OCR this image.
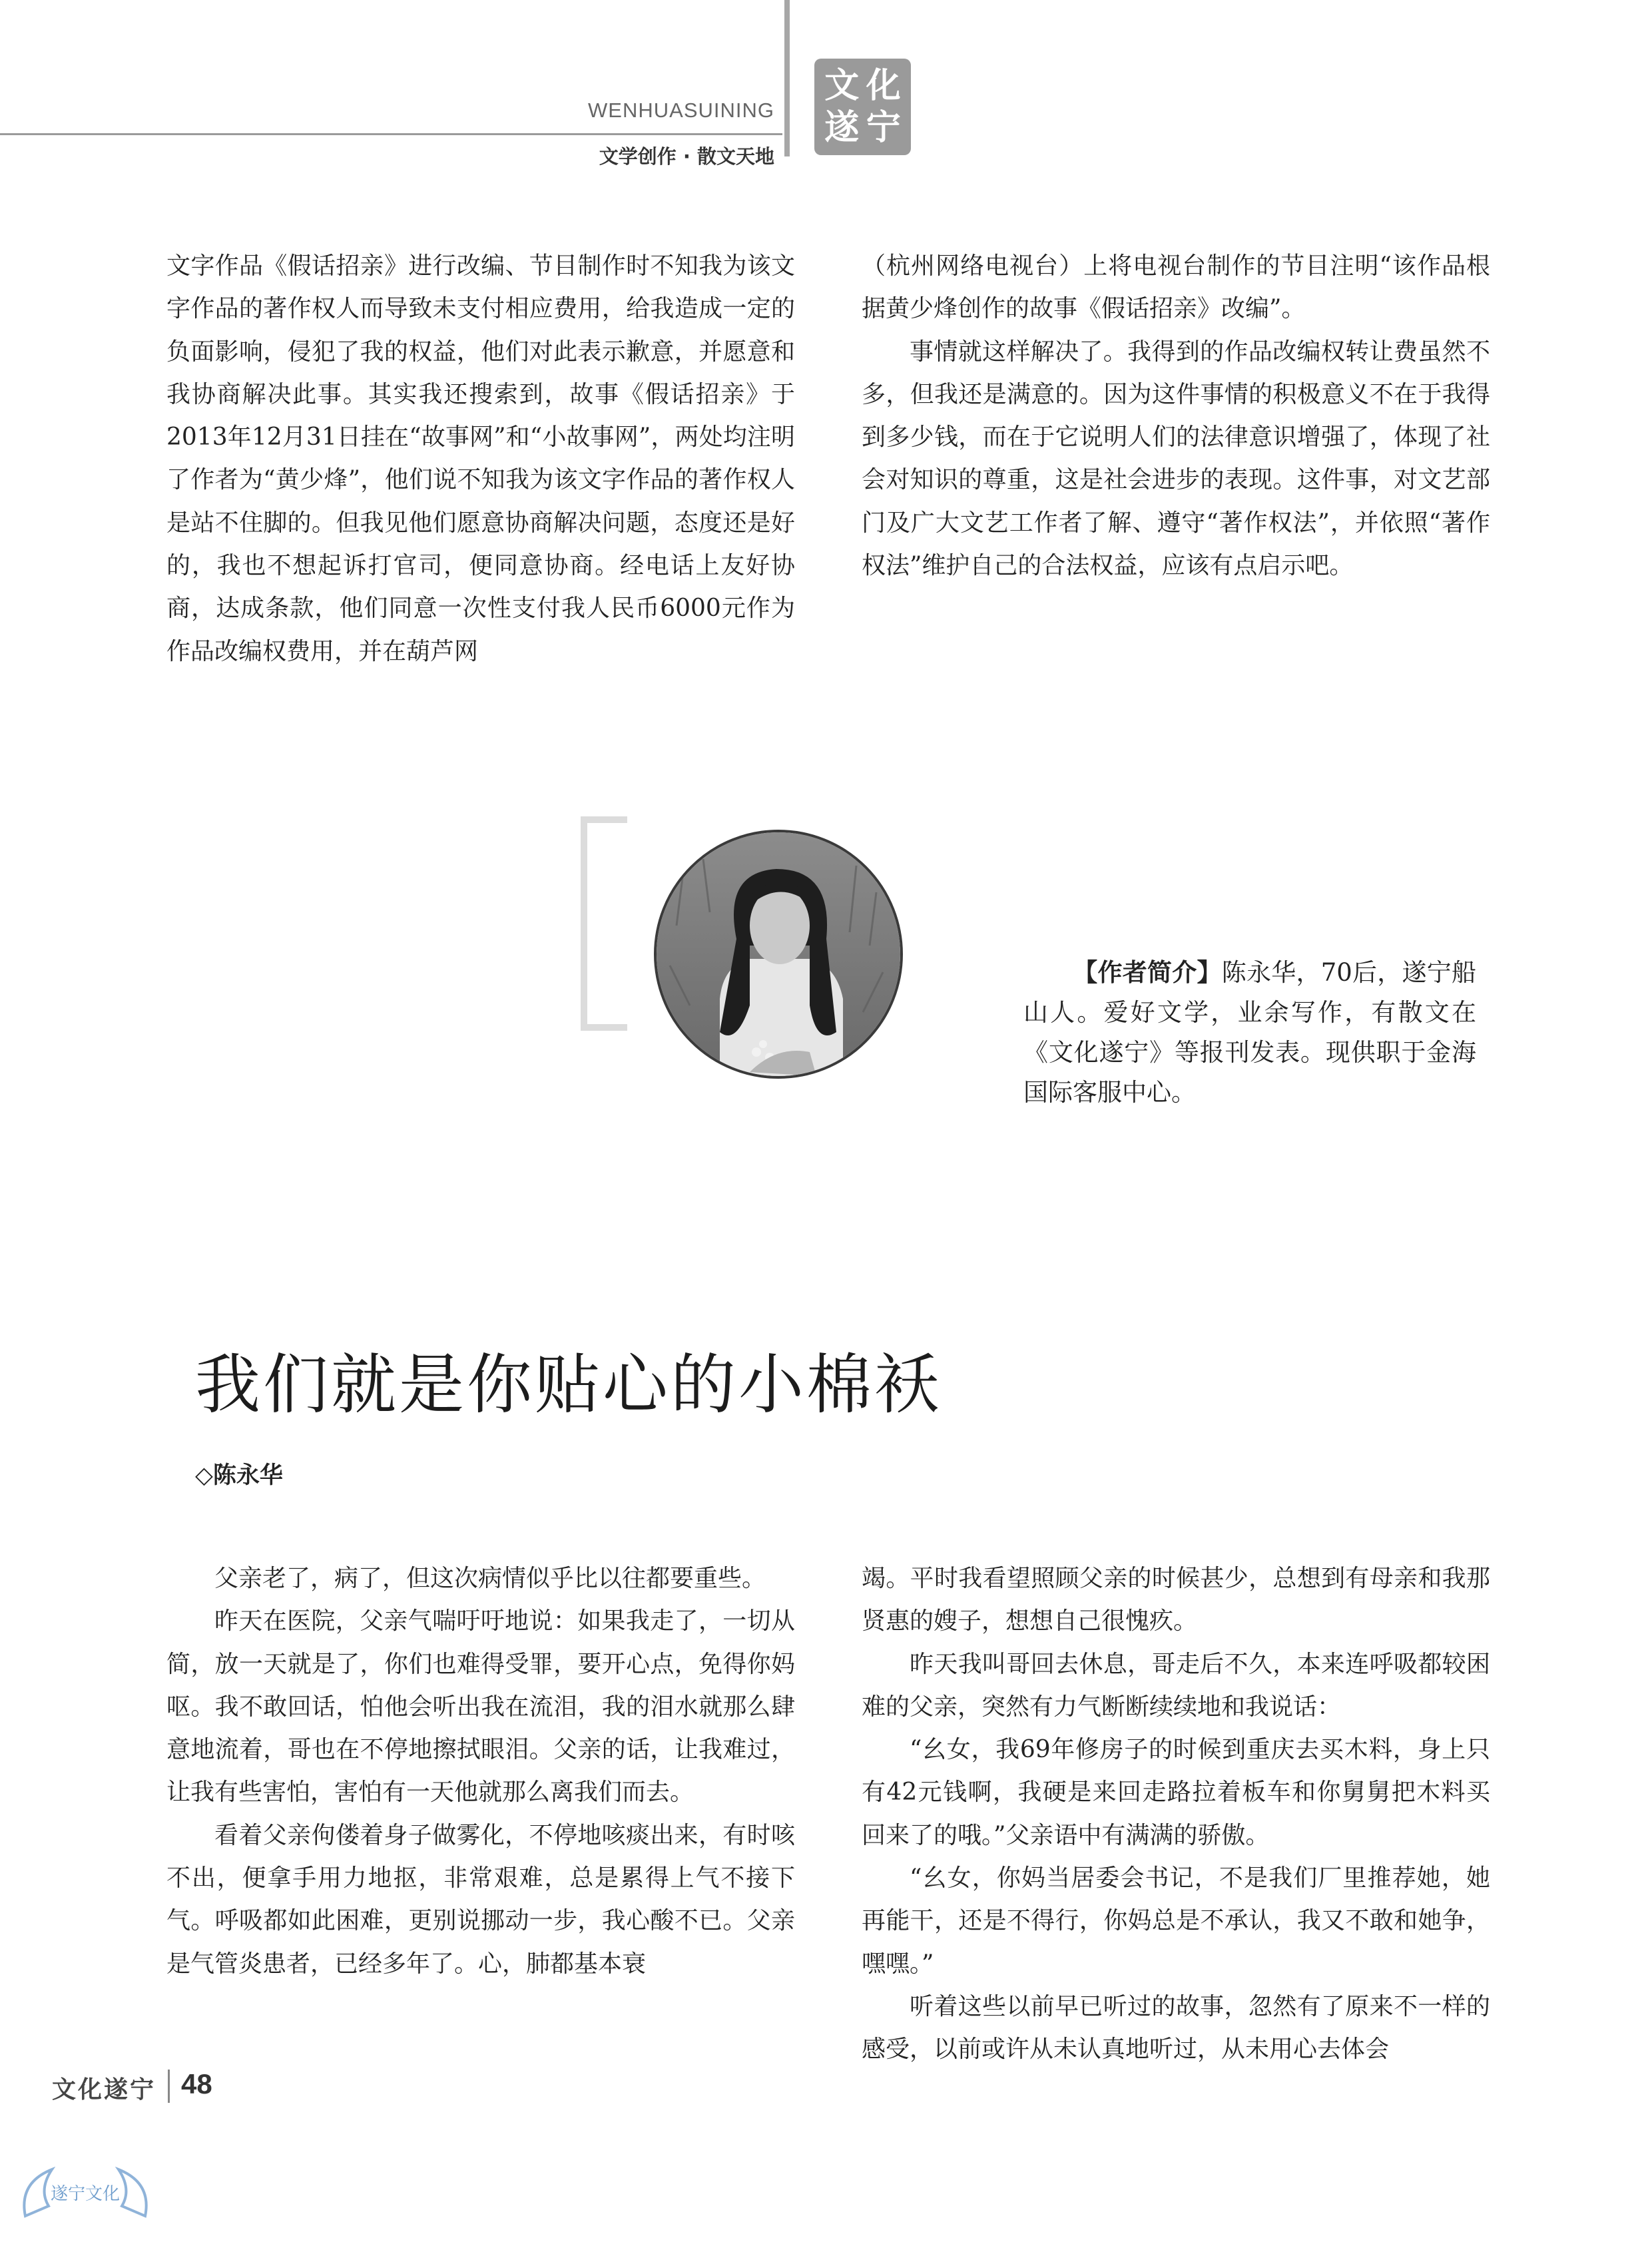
WENHUASUINING
文学创作 · 散文天地
文 化
遂 宁

文字作品《假话招亲》进行改编、节目制作时不知我为该文字作品的著作权人而导致未支付相应费用，给我造成一定的负面影响，侵犯了我的权益，他们对此表示歉意，并愿意和我协商解决此事。其实我还搜索到，故事《假话招亲》于2013年12月31日挂在“故事网”和“小故事网”，两处均注明了作者为“黄少烽”，他们说不知我为该文字作品的著作权人是站不住脚的。但我见他们愿意协商解决问题，态度还是好的，我也不想起诉打官司，便同意协商。经电话上友好协商，达成条款，他们同意一次性支付我人民币6000元作为作品改编权费用，并在葫芦网

（杭州网络电视台）上将电视台制作的节目注明“该作品根据黄少烽创作的故事《假话招亲》改编”。

事情就这样解决了。我得到的作品改编权转让费虽然不多，但我还是满意的。因为这件事情的积极意义不在于我得到多少钱，而在于它说明人们的法律意识增强了，体现了社会对知识的尊重，这是社会进步的表现。这件事，对文艺部门及广大文艺工作者了解、遵守“著作权法”，并依照“著作权法”维护自己的合法权益，应该有点启示吧。

【作者简介】陈永华，70后，遂宁船山人。爱好文学，业余写作，有散文在《文化遂宁》等报刊发表。现供职于金海国际客服中心。
我们就是你贴心的小棉袄
◇陈永华

父亲老了，病了，但这次病情似乎比以往都要重些。

昨天在医院，父亲气喘吁吁地说：如果我走了，一切从简，放一天就是了，你们也难得受罪，要开心点，免得你妈呕。我不敢回话，怕他会听出我在流泪，我的泪水就那么肆意地流着，哥也在不停地擦拭眼泪。父亲的话，让我难过，让我有些害怕，害怕有一天他就那么离我们而去。

看着父亲佝偻着身子做雾化，不停地咳痰出来，有时咳不出，便拿手用力地抠，非常艰难，总是累得上气不接下气。呼吸都如此困难，更别说挪动一步，我心酸不已。父亲是气管炎患者，已经多年了。心，肺都基本衰

竭。平时我看望照顾父亲的时候甚少，总想到有母亲和我那贤惠的嫂子，想想自己很愧疚。

昨天我叫哥回去休息，哥走后不久，本来连呼吸都较困难的父亲，突然有力气断断续续地和我说话：

“幺女，我69年修房子的时候到重庆去买木料，身上只有42元钱啊，我硬是来回走路拉着板车和你舅舅把木料买回来了的哦。”父亲语中有满满的骄傲。

“幺女，你妈当居委会书记，不是我们厂里推荐她，她再能干，还是不得行，你妈总是不承认，我又不敢和她争，嘿嘿。”

听着这些以前早已听过的故事，忽然有了原来不一样的感受，以前或许从未认真地听过，从未用心去体会

文化遂宁 48
遂宁文化
